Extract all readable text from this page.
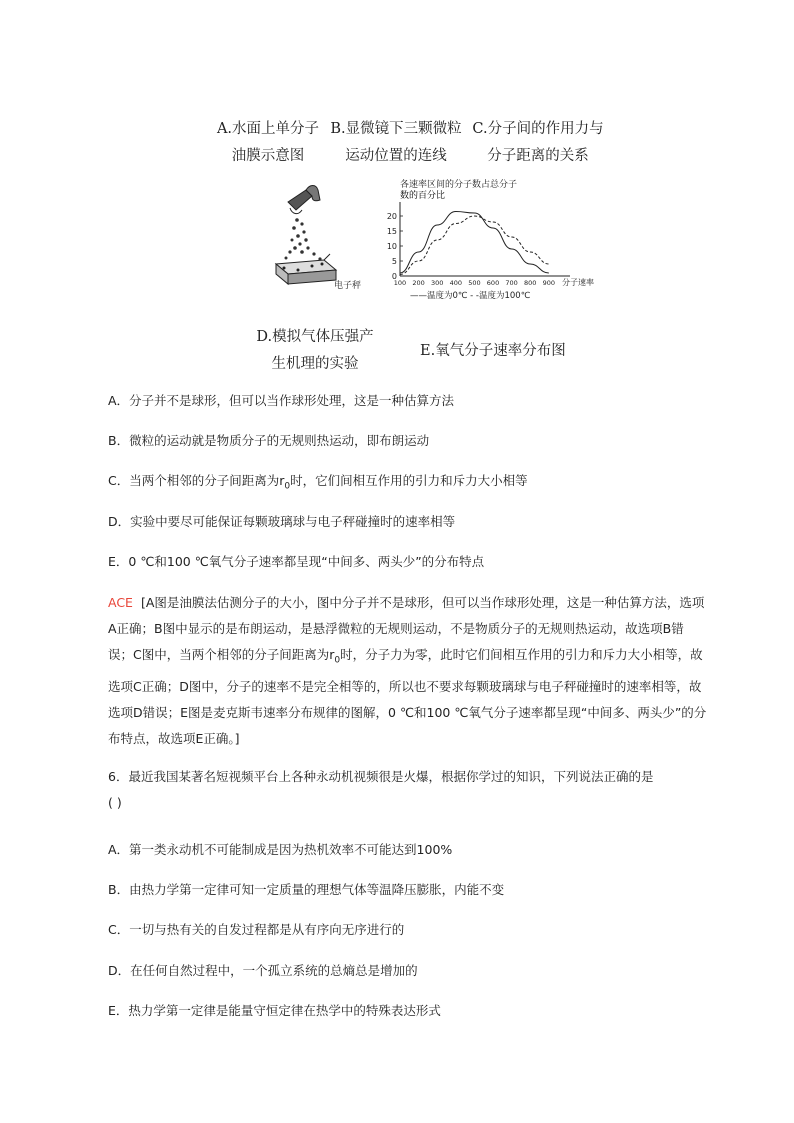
A.水面上单分子
油膜示意图
B.显微镜下三颗微粒
运动位置的连线
C.分子间的作用力与
分子距离的关系
电子秤
各速率区间的分子数占总分子
数的百分比
0
5
10
15
20
100 200 300 400 500 600 700 800 900 分子速率
——温度为0℃ - -温度为100℃
D.模拟气体压强产
生机理的实验
E.氧气分子速率分布图
A．分子并不是球形，但可以当作球形处理，这是一种估算方法
B．微粒的运动就是物质分子的无规则热运动，即布朗运动
C．当两个相邻的分子间距离为$r_0$时，它们间相互作用的引力和斥力大小相等
D．实验中要尽可能保证每颗玻璃球与电子秤碰撞时的速率相等
E．0 ℃和100 ℃氧气分子速率都呈现“中间多、两头少”的分布特点
ACE [A图是油膜法估测分子的大小，图中分子并不是球形，但可以当作球形处理，这是一种估算方法，选项A正确；B图中显示的是布朗运动，是悬浮微粒的无规则运动，不是物质分子的无规则热运动，故选项B错误；C图中，当两个相邻的分子间距离为$r_0$时，分子力为零，此时它们间相互作用的引力和斥力大小相等，故选项C正确；D图中，分子的速率不是完全相等的，所以也不要求每颗玻璃球与电子秤碰撞时的速率相等，故选项D错误；E图是麦克斯韦速率分布规律的图解，0 ℃和100 ℃氧气分子速率都呈现“中间多、两头少”的分布特点，故选项E正确。]
6．最近我国某著名短视频平台上各种永动机视频很是火爆，根据你学过的知识，下列说法正确的是
( )
A．第一类永动机不可能制成是因为热机效率不可能达到100%
B．由热力学第一定律可知一定质量的理想气体等温降压膨胀，内能不变
C．一切与热有关的自发过程都是从有序向无序进行的
D．在任何自然过程中，一个孤立系统的总熵总是增加的
E．热力学第一定律是能量守恒定律在热学中的特殊表达形式
